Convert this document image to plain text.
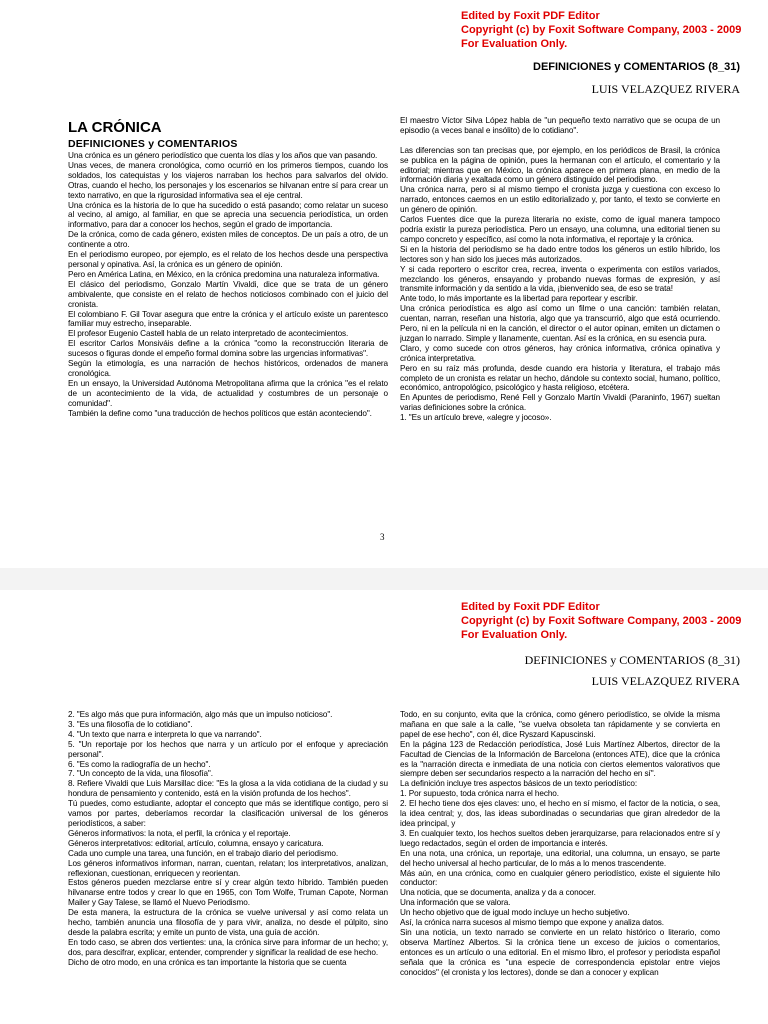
Edited by Foxit PDF Editor
Copyright (c) by Foxit Software Company, 2003 - 2009
For Evaluation Only.
DEFINICIONES y COMENTARIOS (8_31)
LUIS VELAZQUEZ RIVERA
LA CRÓNICA
DEFINICIONES y COMENTARIOS

Una crónica es un género periodístico que cuenta los días y los años que van pasando.

Unas veces, de manera cronológica, como ocurrió en los primeros tiempos, cuando los soldados, los catequistas y los viajeros narraban los hechos para salvarlos del olvido. Otras, cuando el hecho, los personajes y los escenarios se hilvanan entre sí para crear un texto narrativo, en que la rigurosidad informativa sea el eje central.

Una crónica es la historia de lo que ha sucedido o está pasando; como relatar un suceso al vecino, al amigo, al familiar, en que se aprecia una secuencia periodística, un orden informativo, para dar a conocer los hechos, según el grado de importancia.

De la crónica, como de cada género, existen miles de conceptos. De un país a otro, de un continente a otro.

En el periodismo europeo, por ejemplo, es el relato de los hechos desde una perspectiva personal y opinativa. Así, la crónica es un género de opinión.

Pero en América Latina, en México, en la crónica predomina una naturaleza informativa.

El clásico del periodismo, Gonzalo Martín Vivaldi, dice que se trata de un género ambivalente, que consiste en el relato de hechos noticiosos combinado con el juicio del cronista.

El colombiano F. Gil Tovar asegura que entre la crónica y el artículo existe un parentesco familiar muy estrecho, inseparable.

El profesor Eugenio Castell habla de un relato interpretado de acontecimientos.

El escritor Carlos Monsiváis define a la crónica "como la reconstrucción literaria de sucesos o figuras donde el empeño formal domina sobre las urgencias informativas".

Según la etimología, es una narración de hechos históricos, ordenados de manera cronológica.

En un ensayo, la Universidad Autónoma Metropolitana afirma que la crónica "es el relato de un acontecimiento de la vida, de actualidad y costumbres de un personaje o comunidad".

También la define como "una traducción de hechos políticos que están aconteciendo".

El maestro Víctor Silva López habla de "un pequeño texto narrativo que se ocupa de un episodio (a veces banal e insólito) de lo cotidiano".

Las diferencias son tan precisas que, por ejemplo, en los periódicos de Brasil, la crónica se publica en la página de opinión, pues la hermanan con el artículo, el comentario y la editorial; mientras que en México, la crónica aparece en primera plana, en medio de la información diaria y exaltada como un género distinguido del periodismo.

Una crónica narra, pero si al mismo tiempo el cronista juzga y cuestiona con exceso lo narrado, entonces caemos en un estilo editorializado y, por tanto, el texto se convierte en un género de opinión.

Carlos Fuentes dice que la pureza literaria no existe, como de igual manera tampoco podría existir la pureza periodística. Pero un ensayo, una columna, una editorial tienen su campo concreto y específico, así como la nota informativa, el reportaje y la crónica.

Si en la historia del periodismo se ha dado entre todos los géneros un estilo híbrido, los lectores son y han sido los jueces más autorizados.

Y si cada reportero o escritor crea, recrea, inventa o experimenta con estilos variados, mezclando los géneros, ensayando y probando nuevas formas de expresión, y así transmite información y da sentido a la vida, ¡bienvenido sea, de eso se trata!

Ante todo, lo más importante es la libertad para reportear y escribir.

Una crónica periodística es algo así como un filme o una canción: también relatan, cuentan, narran, reseñan una historia, algo que ya transcurrió, algo que está ocurriendo. Pero, ni en la película ni en la canción, el director o el autor opinan, emiten un dictamen o juzgan lo narrado. Simple y llanamente, cuentan. Así es la crónica, en su esencia pura.

Claro, y como sucede con otros géneros, hay crónica informativa, crónica opinativa y crónica interpretativa.

Pero en su raíz más profunda, desde cuando era historia y literatura, el trabajo más completo de un cronista es relatar un hecho, dándole su contexto social, humano, político, económico, antropológico, psicológico y hasta religioso, etcétera.

En Apuntes de periodismo, René Fell y Gonzalo Martín Vivaldi (Paraninfo, 1967) sueltan varias definiciones sobre la crónica.

1. "Es un artículo breve, «alegre y jocoso».

3
Edited by Foxit PDF Editor
Copyright (c) by Foxit Software Company, 2003 - 2009
For Evaluation Only.
DEFINICIONES y COMENTARIOS (8_31)
LUIS VELAZQUEZ RIVERA

2. "Es algo más que pura información, algo más que un impulso noticioso".

3. "Es una filosofía de lo cotidiano".

4. "Un texto que narra e interpreta lo que va narrando".

5. "Un reportaje por los hechos que narra y un artículo por el enfoque y apreciación personal".

6. "Es como la radiografía de un hecho".

7. "Un concepto de la vida, una filosofía".

8. Refiere Vivaldi que Luis Marsillac dice: "Es la glosa a la vida cotidiana de la ciudad y su hondura de pensamiento y contenido, está en la visión profunda de los hechos".

Tú puedes, como estudiante, adoptar el concepto que más se identifique contigo, pero si vamos por partes, deberíamos recordar la clasificación universal de los géneros periodísticos, a saber:

Géneros informativos: la nota, el perfil, la crónica y el reportaje.

Géneros interpretativos: editorial, artículo, columna, ensayo y caricatura.

Cada uno cumple una tarea, una función, en el trabajo diario del periodismo.

Los géneros informativos informan, narran, cuentan, relatan; los interpretativos, analizan, reflexionan, cuestionan, enriquecen y reorientan.

Estos géneros pueden mezclarse entre sí y crear algún texto híbrido. También pueden hilvanarse entre todos y crear lo que en 1965, con Tom Wolfe, Truman Capote, Norman Mailer y Gay Talese, se llamó el Nuevo Periodismo.

De esta manera, la estructura de la crónica se vuelve universal y así como relata un hecho, también anuncia una filosofía de y para vivir, analiza, no desde el púlpito, sino desde la palabra escrita; y emite un punto de vista, una guía de acción.

En todo caso, se abren dos vertientes: una, la crónica sirve para informar de un hecho; y, dos, para descifrar, explicar, entender, comprender y significar la realidad de ese hecho.

Dicho de otro modo, en una crónica es tan importante la historia que se cuenta

Todo, en su conjunto, evita que la crónica, como género periodístico, se olvide la misma mañana en que sale a la calle, "se vuelva obsoleta tan rápidamente y se convierta en papel de ese hecho", con él, dice Ryszard Kapuscinski.

En la página 123 de Redacción periodística, José Luis Martínez Albertos, director de la Facultad de Ciencias de la Información de Barcelona (entonces ATE), dice que la crónica es la "narración directa e inmediata de una noticia con ciertos elementos valorativos que siempre deben ser secundarios respecto a la narración del hecho en sí".

La definición incluye tres aspectos básicos de un texto periodístico:

1. Por supuesto, toda crónica narra el hecho.

2. El hecho tiene dos ejes claves: uno, el hecho en sí mismo, el factor de la noticia, o sea, la idea central; y, dos, las ideas subordinadas o secundarias que giran alrededor de la idea principal, y

3. En cualquier texto, los hechos sueltos deben jerarquizarse, para relacionados entre sí y luego redactados, según el orden de importancia e interés.

En una nota, una crónica, un reportaje, una editorial, una columna, un ensayo, se parte del hecho universal al hecho particular, de lo más a lo menos trascendente.

Más aún, en una crónica, como en cualquier género periodístico, existe el siguiente hilo conductor:

Una noticia, que se documenta, analiza y da a conocer.

Una información que se valora.

Un hecho objetivo que de igual modo incluye un hecho subjetivo.

Así, la crónica narra sucesos al mismo tiempo que expone y analiza datos.

Sin una noticia, un texto narrado se convierte en un relato histórico o literario, como observa Martínez Albertos. Si la crónica tiene un exceso de juicios o comentarios, entonces es un artículo o una editorial. En el mismo libro, el profesor y periodista español señala que la crónica es "una especie de correspondencia epistolar entre viejos conocidos" (el cronista y los lectores), donde se dan a conocer y explican
